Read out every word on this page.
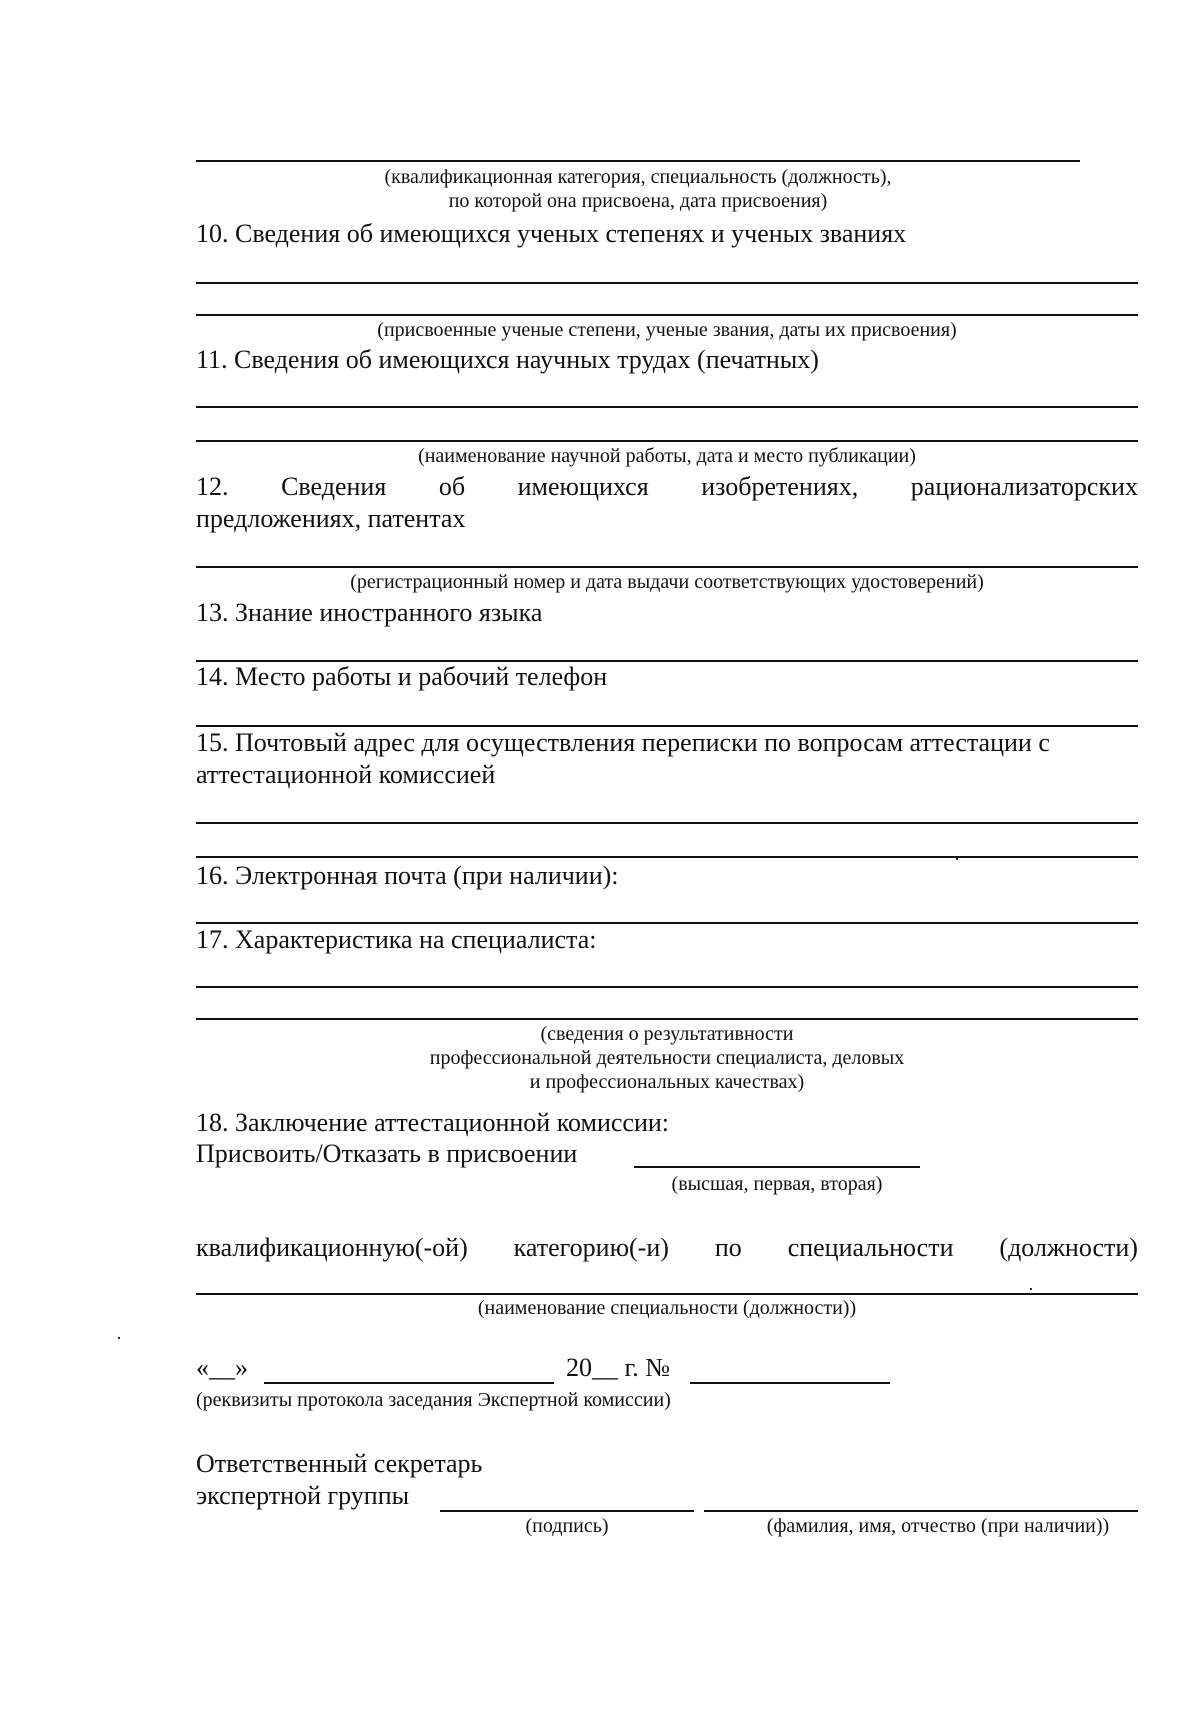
(квалификационная категория, специальность (должность),
по которой она присвоена, дата присвоения)
10. Сведения об имеющихся ученых степенях и ученых званиях
(присвоенные ученые степени, ученые звания, даты их присвоения)
11. Сведения об имеющихся научных трудах (печатных)
(наименование научной работы, дата и место публикации)
12. Сведения об имеющихся изобретениях, рационализаторских
предложениях, патентах
(регистрационный номер и дата выдачи соответствующих удостоверений)
13. Знание иностранного языка
14. Место работы и рабочий телефон
15. Почтовый адрес для осуществления переписки по вопросам аттестации с
аттестационной комиссией
16. Электронная почта (при наличии):
17. Характеристика на специалиста:
(сведения о результативности
профессиональной деятельности специалиста, деловых
и профессиональных качествах)
18. Заключение аттестационной комиссии:
Присвоить/Отказать в присвоении
(высшая, первая, вторая)
квалификационную(-ой) категорию(-и) по специальности (должности)
(наименование специальности (должности))
«__»	20__ г. №
(реквизиты протокола заседания Экспертной комиссии)
Ответственный секретарь
экспертной группы
(подпись)	(фамилия, имя, отчество (при наличии))
